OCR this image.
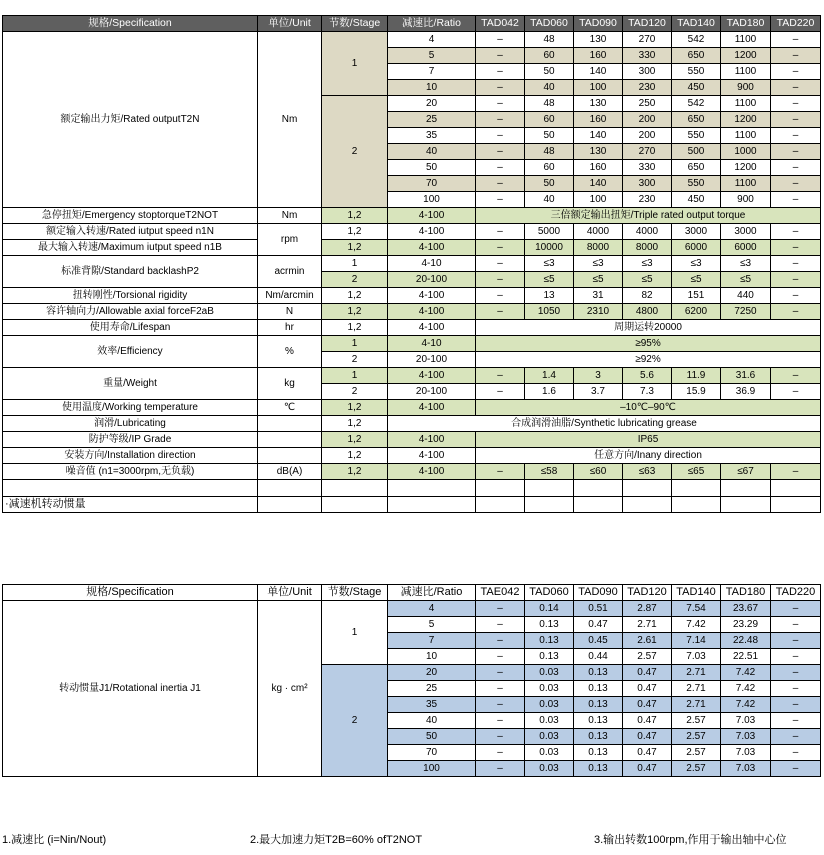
规格/Specification	单位/Unit	节数/Stage	减速比/Ratio	TAD042	TAD060	TAD090	TAD120	TAD140	TAD180	TAD220
额定输出力矩/Rated outputT2N	Nm	1	4	–	48	130	270	542	1100	–
			5	–	60	160	330	650	1200	–
			7	–	50	140	300	550	1100	–
			10	–	40	100	230	450	900	–
		2	20	–	48	130	250	542	1100	–
			25	–	60	160	200	650	1200	–
			35	–	50	140	200	550	1100	–
			40	–	48	130	270	500	1000	–
			50	–	60	160	330	650	1200	–
			70	–	50	140	300	550	1100	–
			100	–	40	100	230	450	900	–
急停扭矩/Emergency stoptorqueT2NOT	Nm	1,2	4-100	三倍额定输出扭矩/Triple rated output torque						
额定输入转速/Rated iutput speed n1N	rpm	1,2	4-100	–	5000	4000	4000	3000	3000	–
最大输入转速/Maximum iutput speed n1B		1,2	4-100	–	10000	8000	8000	6000	6000	–
标准背隙/Standard backlashP2	acrmin	1	4-10	–	≤3	≤3	≤3	≤3	≤3	–
		2	20-100	–	≤5	≤5	≤5	≤5	≤5	–
扭转刚性/Torsional rigidity	Nm/arcmin	1,2	4-100	–	13	31	82	151	440	–
容许轴向力/Allowable axial forceF2aB	N	1,2	4-100	–	1050	2310	4800	6200	7250	–
使用寿命/Lifespan	hr	1,2	4-100	周期运转20000						
效率/Efficiency	%	1	4-10	≥95%						
		2	20-100	≥92%						
重量/Weight	kg	1	4-100	–	1.4	3	5.6	11.9	31.6	–
		2	20-100	–	1.6	3.7	7.3	15.9	36.9	–
使用温度/Working temperature	℃	1,2	4-100	–10℃–90℃						
润滑/Lubricating		1,2	合成润滑油脂/Synthetic lubricating grease							
防护等级/IP Grade		1,2	4-100	IP65						
安装方向/Installation direction		1,2	4-100	任意方向/Inany direction						
噪音值 (n1=3000rpm,无负载)	dB(A)	1,2	4-100	–	≤58	≤60	≤63	≤65	≤67	–

·减速机转动惯量										
规格/Specification	单位/Unit	节数/Stage	减速比/Ratio	TAE042	TAD060	TAD090	TAD120	TAD140	TAD180	TAD220
转动惯量J1/Rotational inertia J1	kg · cm²	1	4	–	0.14	0.51	2.87	7.54	23.67	–
			5	–	0.13	0.47	2.71	7.42	23.29	–
			7	–	0.13	0.45	2.61	7.14	22.48	–
			10	–	0.13	0.44	2.57	7.03	22.51	–
		2	20	–	0.03	0.13	0.47	2.71	7.42	–
			25	–	0.03	0.13	0.47	2.71	7.42	–
			35	–	0.03	0.13	0.47	2.71	7.42	–
			40	–	0.03	0.13	0.47	2.57	7.03	–
			50	–	0.03	0.13	0.47	2.57	7.03	–
			70	–	0.03	0.13	0.47	2.57	7.03	–
			100	–	0.03	0.13	0.47	2.57	7.03	–
1.减速比 (i=Nin/Nout)	2.最大加速力矩T2B=60% ofT2NOT	3.输出转数100rpm,作用于输出轴中心位
